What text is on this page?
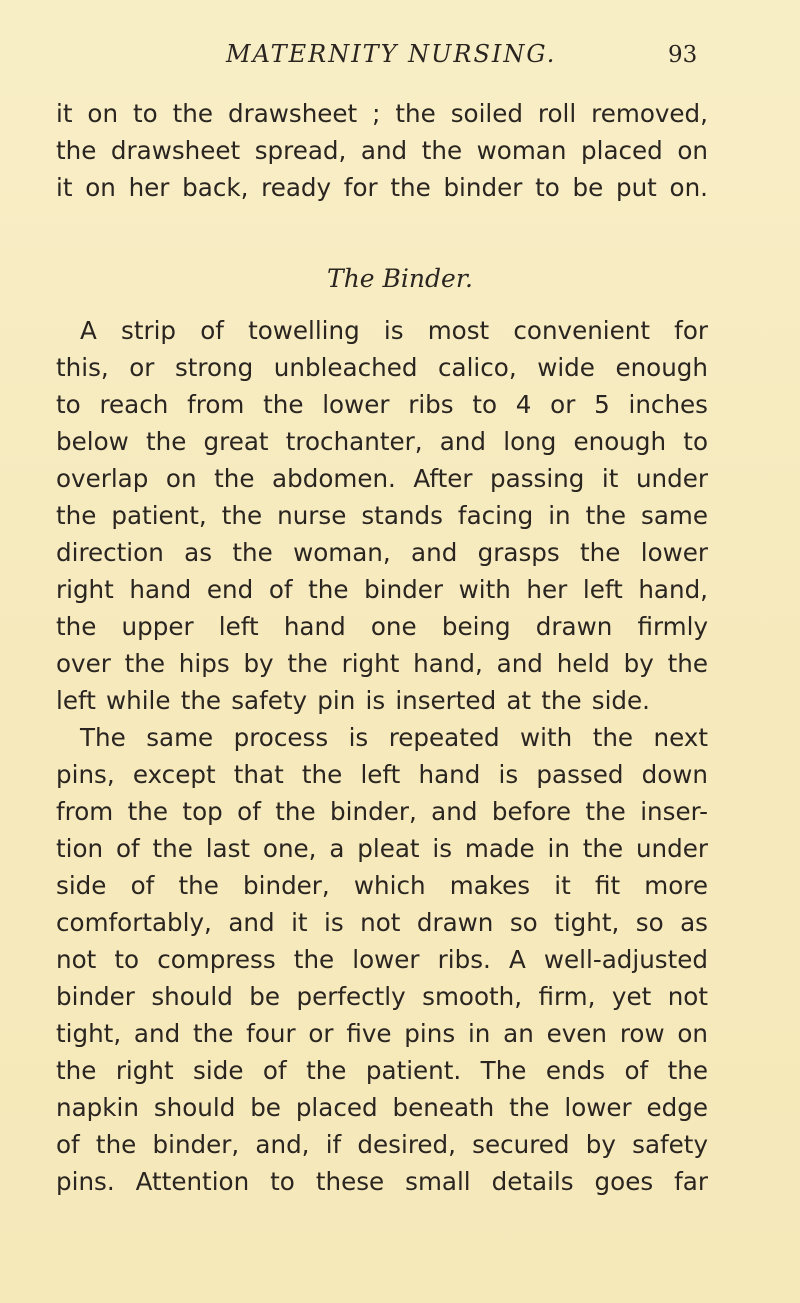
MATERNITY NURSING.	93
it on to the drawsheet ; the soiled roll removed,
the drawsheet spread, and the woman placed on
it on her back, ready for the binder to be put on.
The Binder.
A strip of towelling is most convenient for
this, or strong unbleached calico, wide enough
to reach from the lower ribs to 4 or 5 inches
below the great trochanter, and long enough to
overlap on the abdomen. After passing it under
the patient, the nurse stands facing in the same
direction as the woman, and grasps the lower
right hand end of the binder with her left hand,
the upper left hand one being drawn firmly
over the hips by the right hand, and held by the
left while the safety pin is inserted at the side.
The same process is repeated with the next
pins, except that the left hand is passed down
from the top of the binder, and before the inser-
tion of the last one, a pleat is made in the under
side of the binder, which makes it fit more
comfortably, and it is not drawn so tight, so as
not to compress the lower ribs. A well-adjusted
binder should be perfectly smooth, firm, yet not
tight, and the four or five pins in an even row on
the right side of the patient. The ends of the
napkin should be placed beneath the lower edge
of the binder, and, if desired, secured by safety
pins. Attention to these small details goes far
